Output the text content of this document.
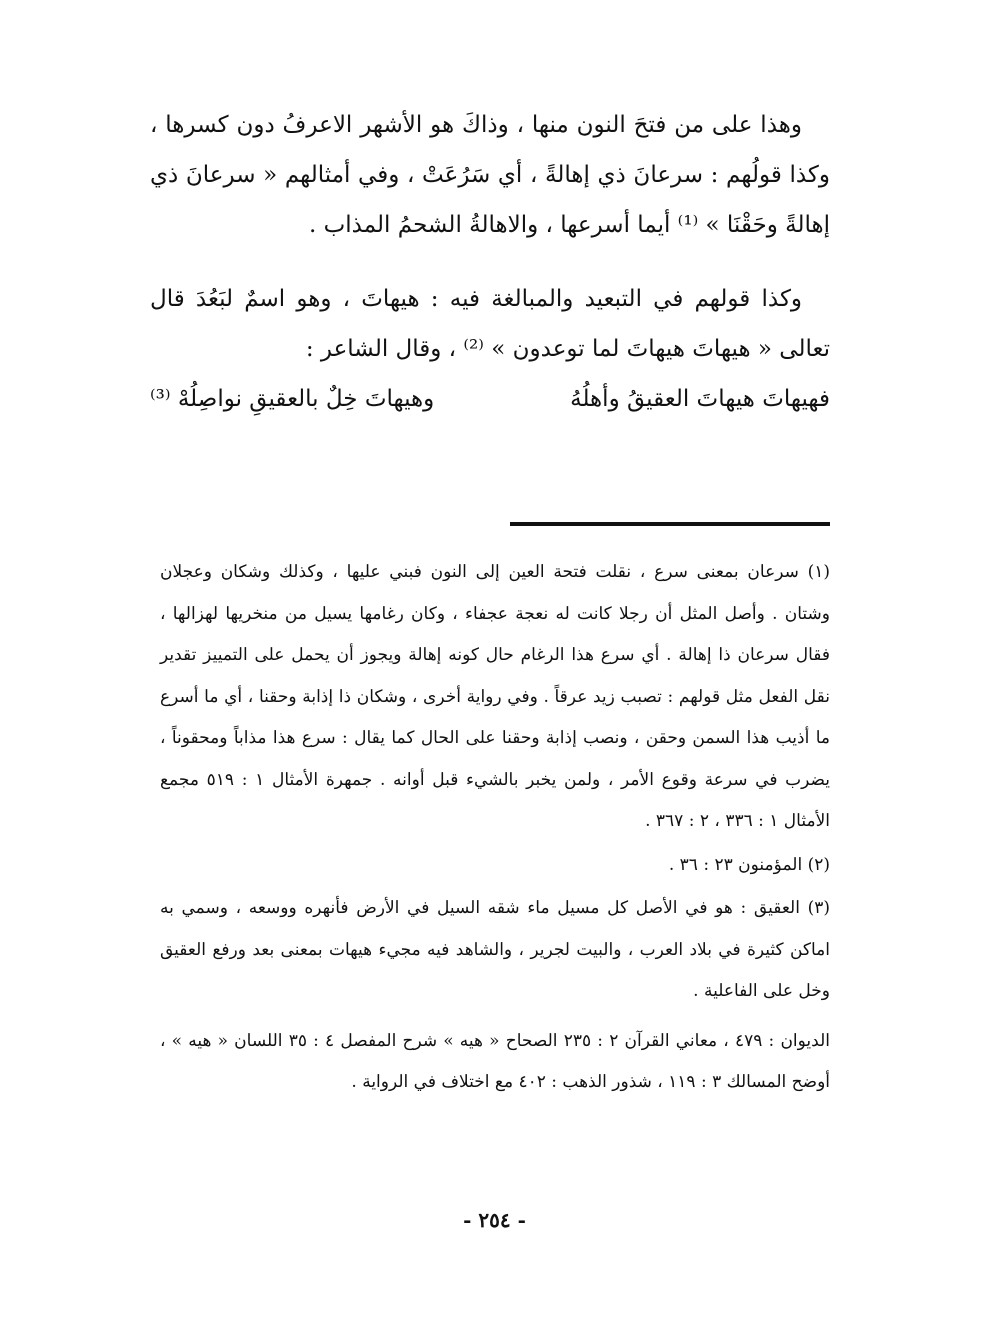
وهذا على من فتحَ النون منها ، وذاكَ هو الأشهر الاعرفُ دون كسرها ، وكذا قولُهم : سرعانَ ذي إهالةً ، أي سَرُعَتْ ، وفي أمثالهم « سرعانَ ذي إهالةً وحَقْنَا » ⁽¹⁾ أيما أسرعها ، والاهالةُ الشحمُ المذاب .

وكذا قولهم في التبعيد والمبالغة فيه : هيهاتَ ، وهو اسمٌ لبَعُدَ قال تعالى « هيهاتَ هيهاتَ لما توعدون » ⁽²⁾ ، وقال الشاعر :

فهيهاتَ هيهاتَ العقيقُ وأهلُهُ
وهيهاتَ خِلٌ بالعقيقِ نواصِلُهْ ⁽³⁾

(١) سرعان بمعنى سرع ، نقلت فتحة العين إلى النون فبني عليها ، وكذلك وشكان وعجلان وشتان . وأصل المثل أن رجلا كانت له نعجة عجفاء ، وكان رغامها يسيل من منخريها لهزالها ، فقال سرعان ذا إهالة . أي سرع هذا الرغام حال كونه إهالة ويجوز أن يحمل على التمييز تقدير نقل الفعل مثل قولهم : تصبب زيد عرقاً . وفي رواية أخرى ، وشكان ذا إذابة وحقنا ، أي ما أسرع ما أذيب هذا السمن وحقن ، ونصب إذابة وحقنا على الحال كما يقال : سرع هذا مذاباً ومحقوناً ، يضرب في سرعة وقوع الأمر ، ولمن يخبر بالشيء قبل أوانه . جمهرة الأمثال ١ : ٥١٩ مجمع الأمثال ١ : ٣٣٦ ، ٢ : ٣٦٧ .

(٢) المؤمنون ٢٣ : ٣٦ .

(٣) العقيق : هو في الأصل كل مسيل ماء شقه السيل في الأرض فأنهره ووسعه ، وسمي به اماكن كثيرة في بلاد العرب ، والبيت لجرير ، والشاهد فيه مجيء هيهات بمعنى بعد ورفع العقيق وخل على الفاعلية .

الديوان : ٤٧٩ ، معاني القرآن ٢ : ٢٣٥ الصحاح « هيه » شرح المفصل ٤ : ٣٥ اللسان « هيه » ، أوضح المسالك ٣ : ١١٩ ، شذور الذهب : ٤٠٢ مع اختلاف في الرواية .

- ٢٥٤ -
